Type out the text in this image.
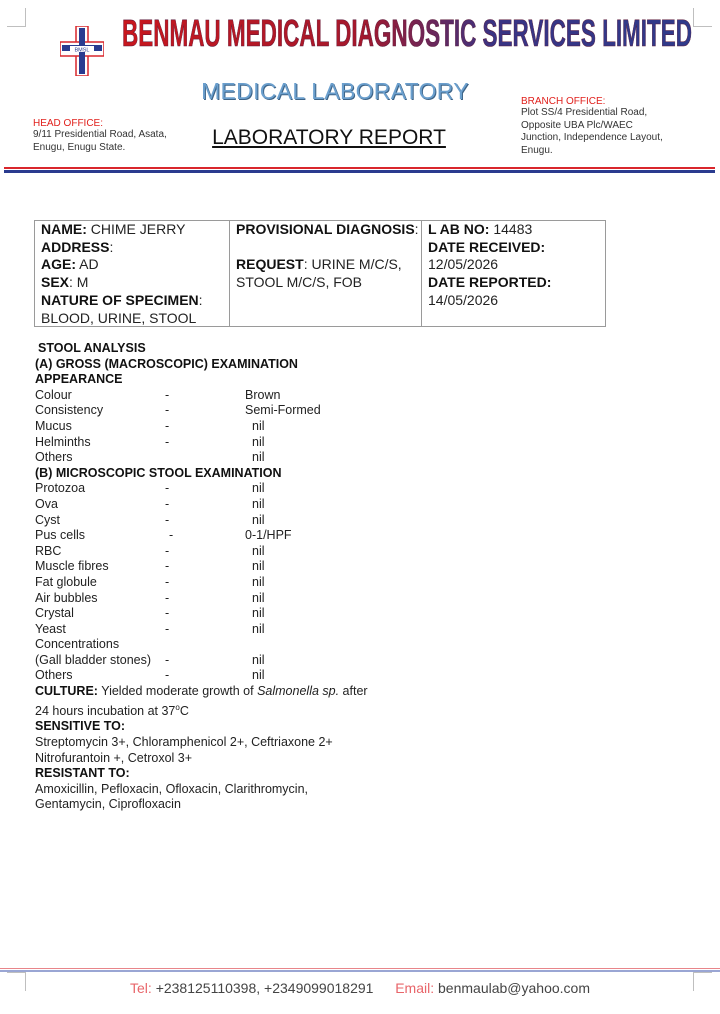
BMSL BENMAU MEDICAL DIAGNOSTIC SERVICES LIMITED
MEDICAL LABORATORY
LABORATORY REPORT
HEAD OFFICE:
9/11 Presidential Road, Asata,
Enugu, Enugu State.
BRANCH OFFICE:
Plot SS/4 Presidential Road,
Opposite UBA Plc/WAEC
Junction, Independence Layout,
Enugu.
NAME: CHIME JERRY
ADDRESS:
AGE: AD
SEX: M
NATURE OF SPECIMEN:
BLOOD, URINE, STOOL
PROVISIONAL DIAGNOSIS:

REQUEST: URINE M/C/S,
STOOL M/C/S, FOB
L AB NO: 14483
DATE RECEIVED:
12/05/2026
DATE REPORTED:
14/05/2026
STOOL ANALYSIS
(A) GROSS (MACROSCOPIC) EXAMINATION
APPEARANCE
Colour	-	Brown
Consistency	-	Semi-Formed
Mucus	-	nil
Helminths	-	nil
Others	nil
(B) MICROSCOPIC STOOL EXAMINATION
Protozoa	-	nil
Ova	-	nil
Cyst	-	nil
Pus cells	-	0-1/HPF
RBC	-	nil
Muscle fibres	-	nil
Fat globule	-	nil
Air bubbles	-	nil
Crystal	-	nil
Yeast	-	nil
Concentrations
(Gall bladder stones) -	nil
Others	-	nil
CULTURE: Yielded moderate growth of Salmonella sp. after
24 hours incubation at 37$^o$C
SENSITIVE TO:
Streptomycin 3+, Chloramphenicol 2+, Ceftriaxone 2+
Nitrofurantoin +, Cetroxol 3+
RESISTANT TO:
Amoxicillin, Pefloxacin, Ofloxacin, Clarithromycin,
Gentamycin, Ciprofloxacin
Tel: +238125110398, +2349099018291 Email: benmaulab@yahoo.com
